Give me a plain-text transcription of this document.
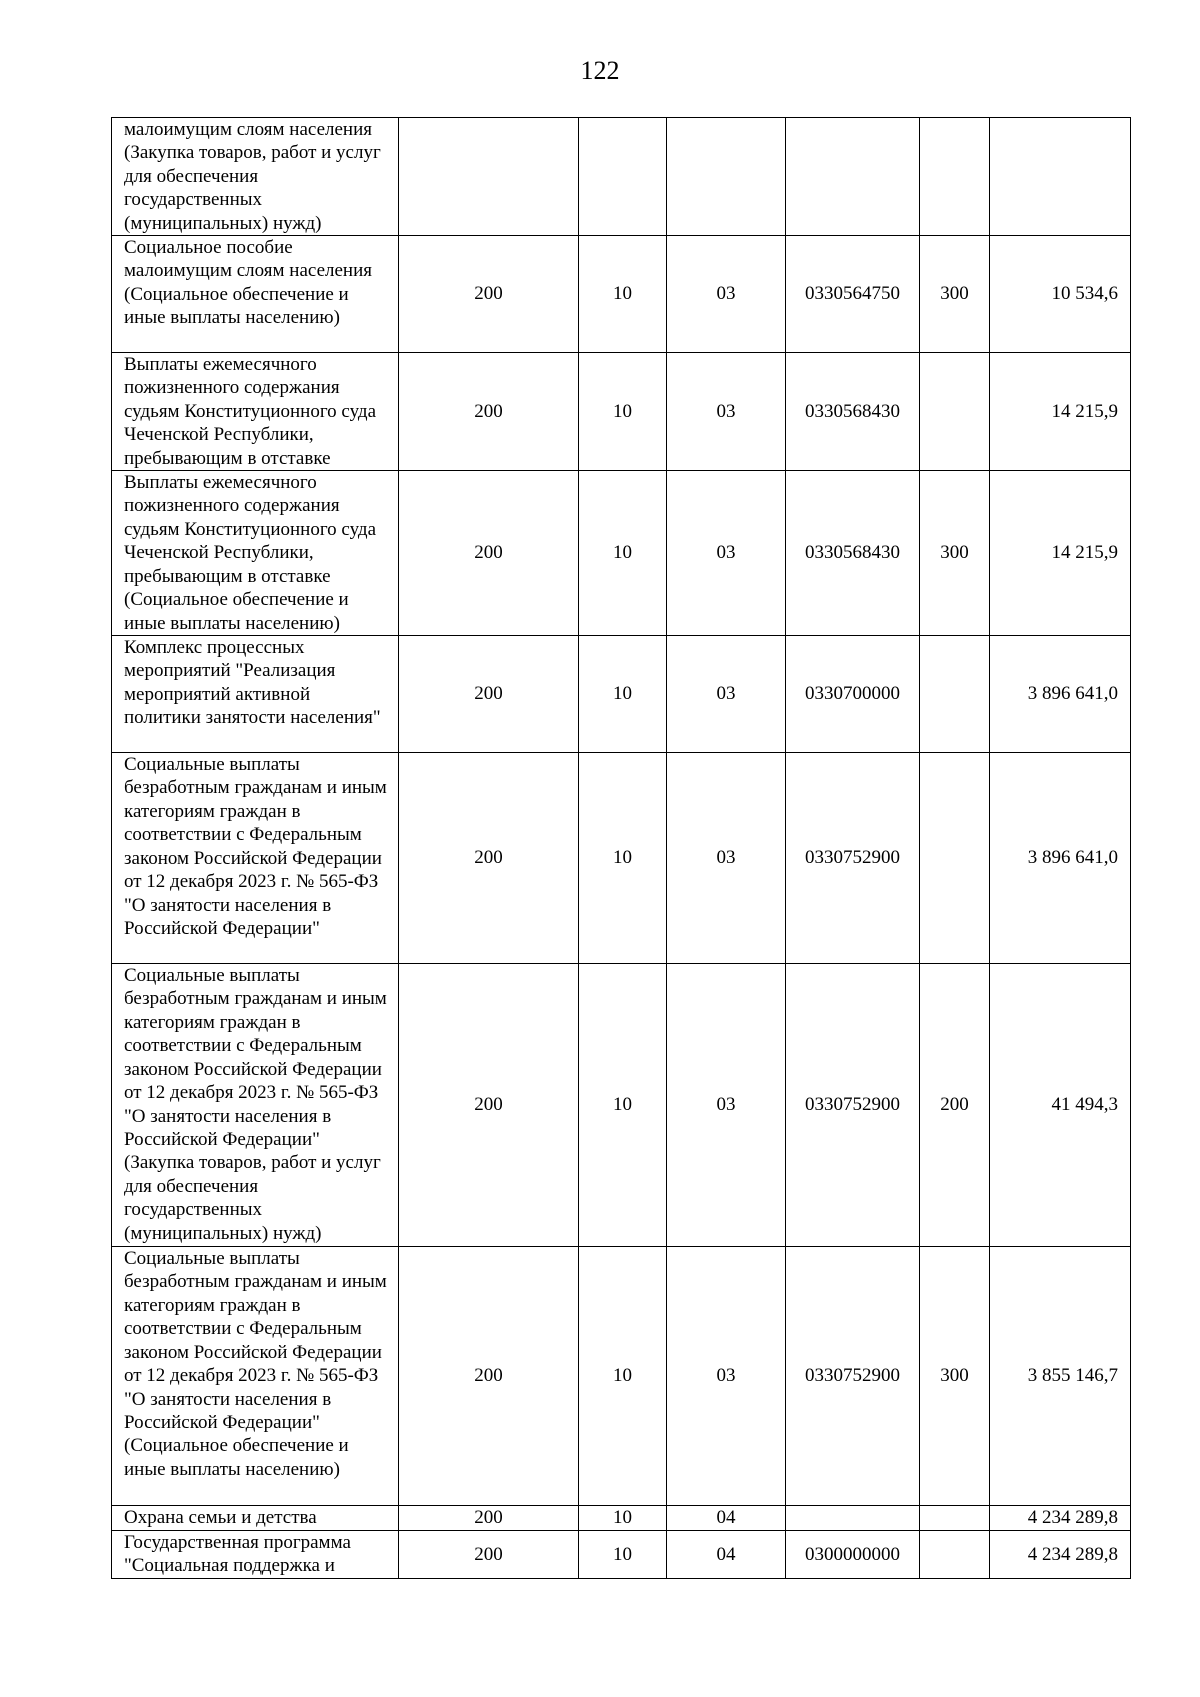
122
малоимущим слоям населения (Закупка товаров, работ и услуг для обеспечения государственных (муниципальных) нужд)						
Социальное пособие малоимущим слоям населения (Социальное обеспечение и иные выплаты населению)	200	10	03	0330564750	300	10 534,6
Выплаты ежемесячного пожизненного содержания судьям Конституционного суда Чеченской Республики, пребывающим в отставке	200	10	03	0330568430		14 215,9
Выплаты ежемесячного пожизненного содержания судьям Конституционного суда Чеченской Республики, пребывающим в отставке (Социальное обеспечение и иные выплаты населению)	200	10	03	0330568430	300	14 215,9
Комплекс процессных мероприятий "Реализация мероприятий активной политики занятости населения"	200	10	03	0330700000		3 896 641,0
Социальные выплаты безработным гражданам и иным категориям граждан в соответствии с Федеральным законом Российской Федерации от 12 декабря 2023 г. № 565-ФЗ "О занятости населения в Российской Федерации"	200	10	03	0330752900		3 896 641,0
Социальные выплаты безработным гражданам и иным категориям граждан в соответствии с Федеральным законом Российской Федерации от 12 декабря 2023 г. № 565-ФЗ "О занятости населения в Российской Федерации" (Закупка товаров, работ и услуг для обеспечения государственных (муниципальных) нужд)	200	10	03	0330752900	200	41 494,3
Социальные выплаты безработным гражданам и иным категориям граждан в соответствии с Федеральным законом Российской Федерации от 12 декабря 2023 г. № 565-ФЗ "О занятости населения в Российской Федерации" (Социальное обеспечение и иные выплаты населению)	200	10	03	0330752900	300	3 855 146,7
Охрана семьи и детства	200	10	04			4 234 289,8
Государственная программа "Социальная поддержка и	200	10	04	0300000000		4 234 289,8
